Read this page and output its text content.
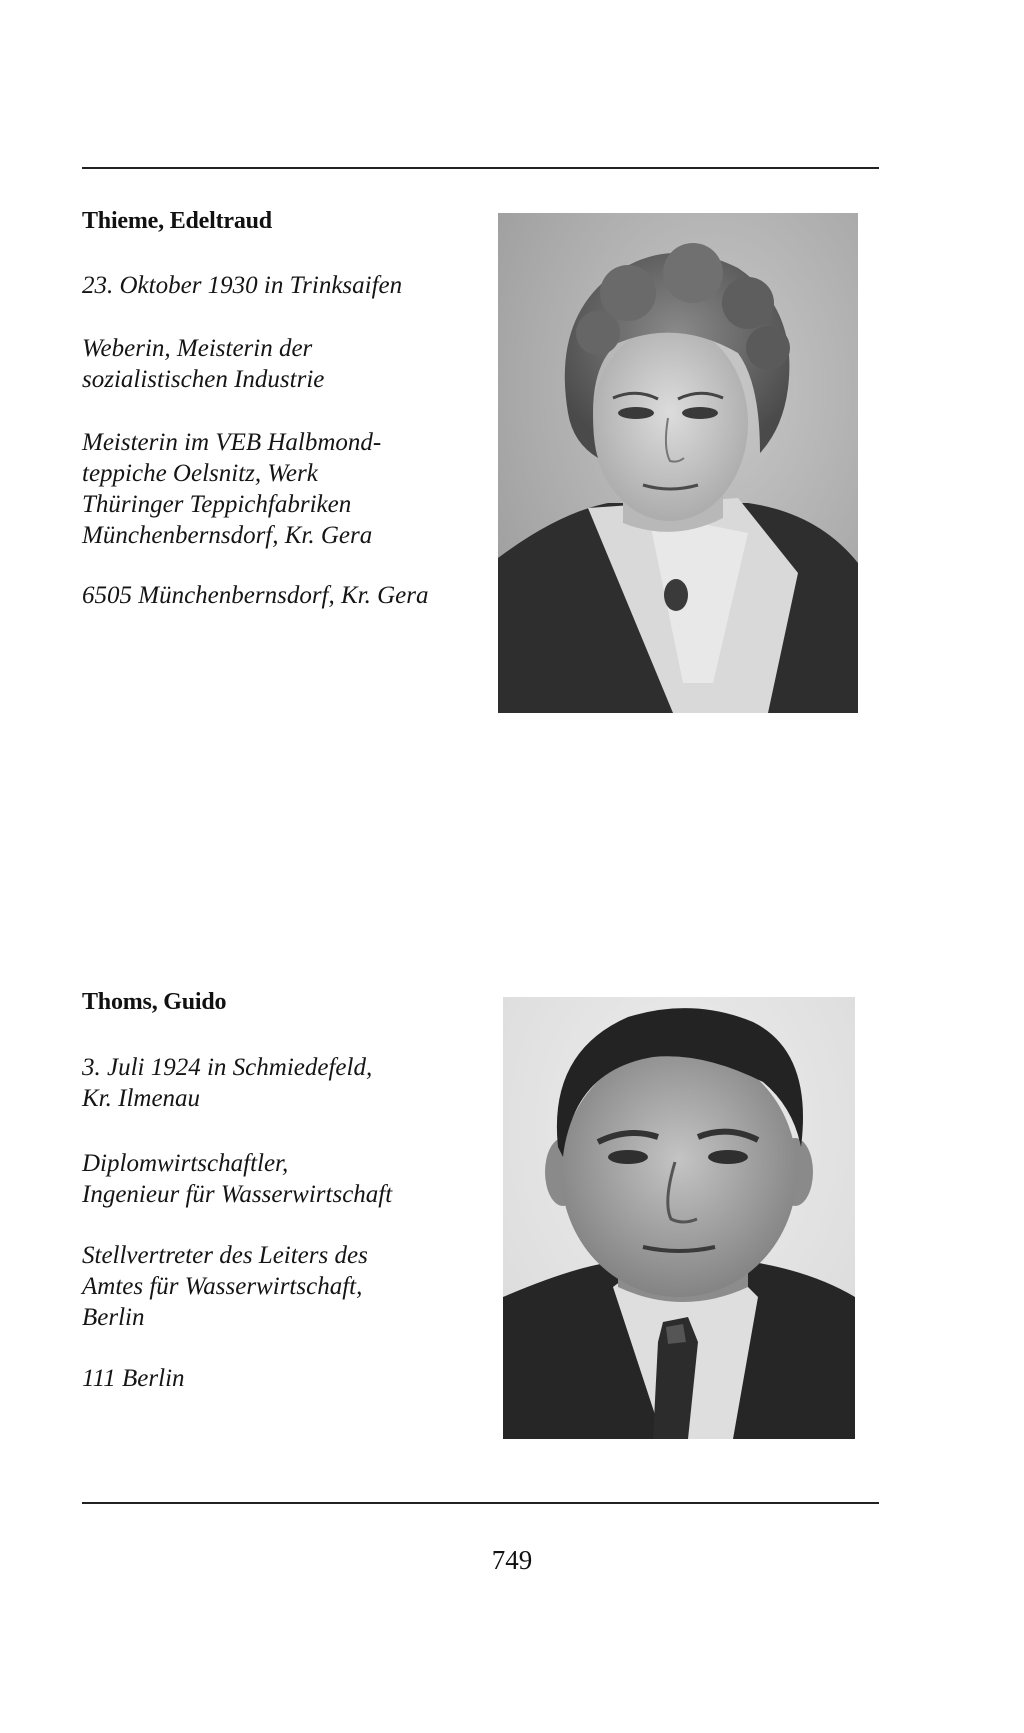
Thieme, Edeltraud
23. Oktober 1930 in Trinksaifen
Weberin, Meisterin der
sozialistischen Industrie
Meisterin im VEB Halbmond-
teppiche Oelsnitz, Werk
Thüringer Teppichfabriken
Münchenbernsdorf, Kr. Gera
6505 Münchenbernsdorf, Kr. Gera
Thoms, Guido
3. Juli 1924 in Schmiedefeld,
Kr. Ilmenau
Diplomwirtschaftler,
Ingenieur für Wasserwirtschaft
Stellvertreter des Leiters des
Amtes für Wasserwirtschaft,
Berlin
111 Berlin
749
